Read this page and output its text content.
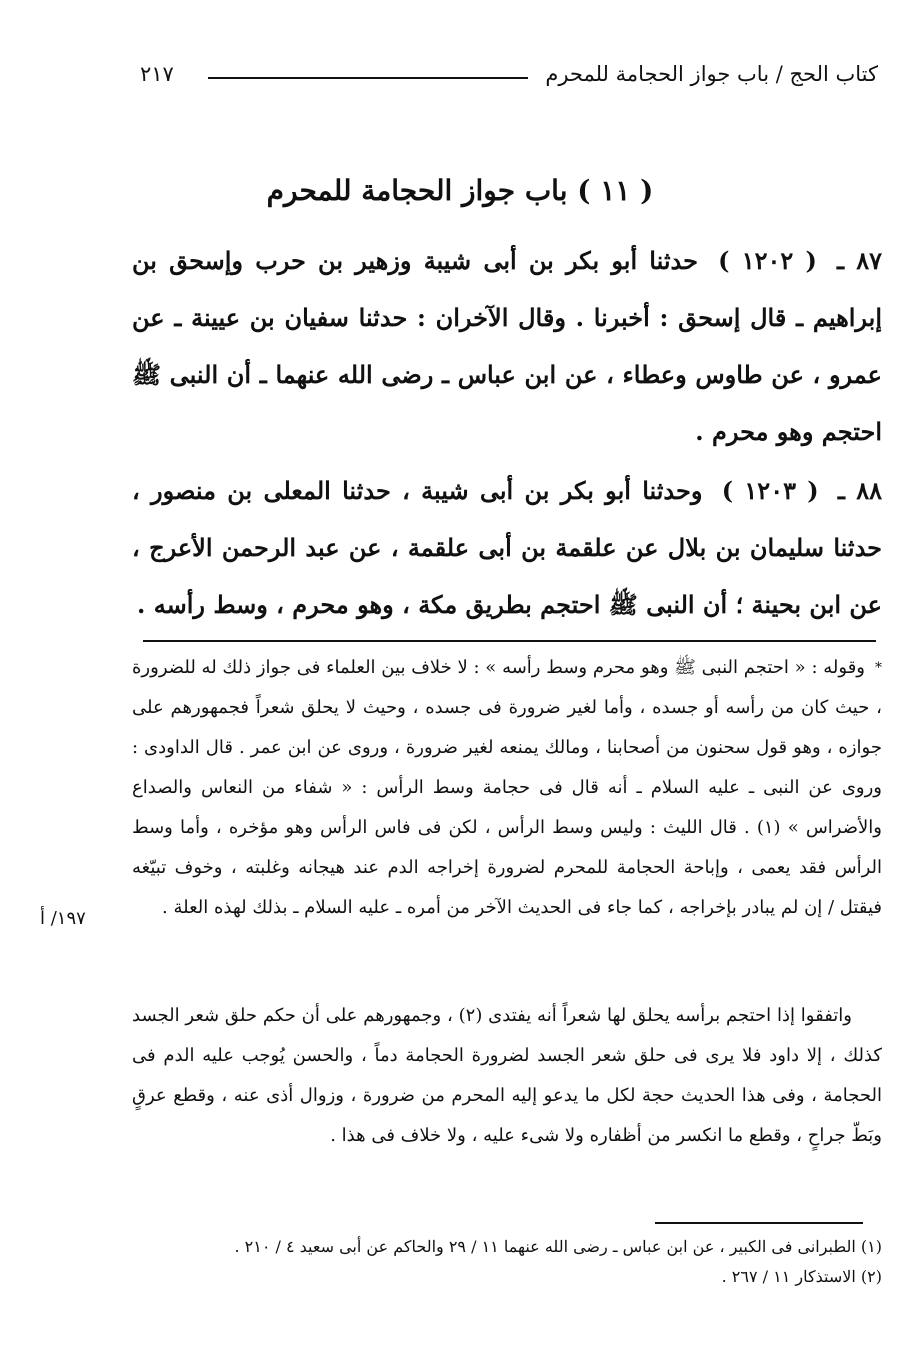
كتاب الحج / باب جواز الحجامة للمحرم
٢١٧
( ١١ ) باب جواز الحجامة للمحرم
٨٧ ـ ( ١٢٠٢ ) حدثنا أبو بكر بن أبى شيبة وزهير بن حرب وإسحق بن إبراهيم ـ قال إسحق : أخبرنا . وقال الآخران : حدثنا سفيان بن عيينة ـ عن عمرو ، عن طاوس وعطاء ، عن ابن عباس ـ رضى الله عنهما ـ أن النبى ﷺ احتجم وهو محرم .
٨٨ ـ ( ١٢٠٣ ) وحدثنا أبو بكر بن أبى شيبة ، حدثنا المعلى بن منصور ، حدثنا سليمان بن بلال عن علقمة بن أبى علقمة ، عن عبد الرحمن الأعرج ، عن ابن بحينة ؛ أن النبى ﷺ احتجم بطريق مكة ، وهو محرم ، وسط رأسه .
*وقوله : « احتجم النبى ﷺ وهو محرم وسط رأسه » : لا خلاف بين العلماء فى جواز ذلك له للضرورة ، حيث كان من رأسه أو جسده ، وأما لغير ضرورة فى جسده ، وحيث لا يحلق شعراً فجمهورهم على جوازه ، وهو قول سحنون من أصحابنا ، ومالك يمنعه لغير ضرورة ، وروى عن ابن عمر . قال الداودى : وروى عن النبى ـ عليه السلام ـ أنه قال فى حجامة وسط الرأس : « شفاء من النعاس والصداع والأضراس » (١) . قال الليث : وليس وسط الرأس ، لكن فى فاس الرأس وهو مؤخره ، وأما وسط الرأس فقد يعمى ، وإباحة الحجامة للمحرم لضرورة إخراجه الدم عند هيجانه وغلبته ، وخوف تبيّغه فيقتل / إن لم يبادر بإخراجه ، كما جاء فى الحديث الآخر من أمره ـ عليه السلام ـ بذلك لهذه العلة .
١٩٧/ أ
واتفقوا إذا احتجم برأسه يحلق لها شعراً أنه يفتدى (٢) ، وجمهورهم على أن حكم حلق شعر الجسد كذلك ، إلا داود فلا يرى فى حلق شعر الجسد لضرورة الحجامة دماً ، والحسن يُوجب عليه الدم فى الحجامة ، وفى هذا الحديث حجة لكل ما يدعو إليه المحرم من ضرورة ، وزوال أذى عنه ، وقطع عرقٍ وبَطّ جراحٍ ، وقطع ما انكسر من أظفاره ولا شىء عليه ، ولا خلاف فى هذا .
(١) الطبرانى فى الكبير ، عن ابن عباس ـ رضى الله عنهما ١١ / ٢٩ والحاكم عن أبى سعيد ٤ / ٢١٠ .
(٢) الاستذكار ١١ / ٢٦٧ .
